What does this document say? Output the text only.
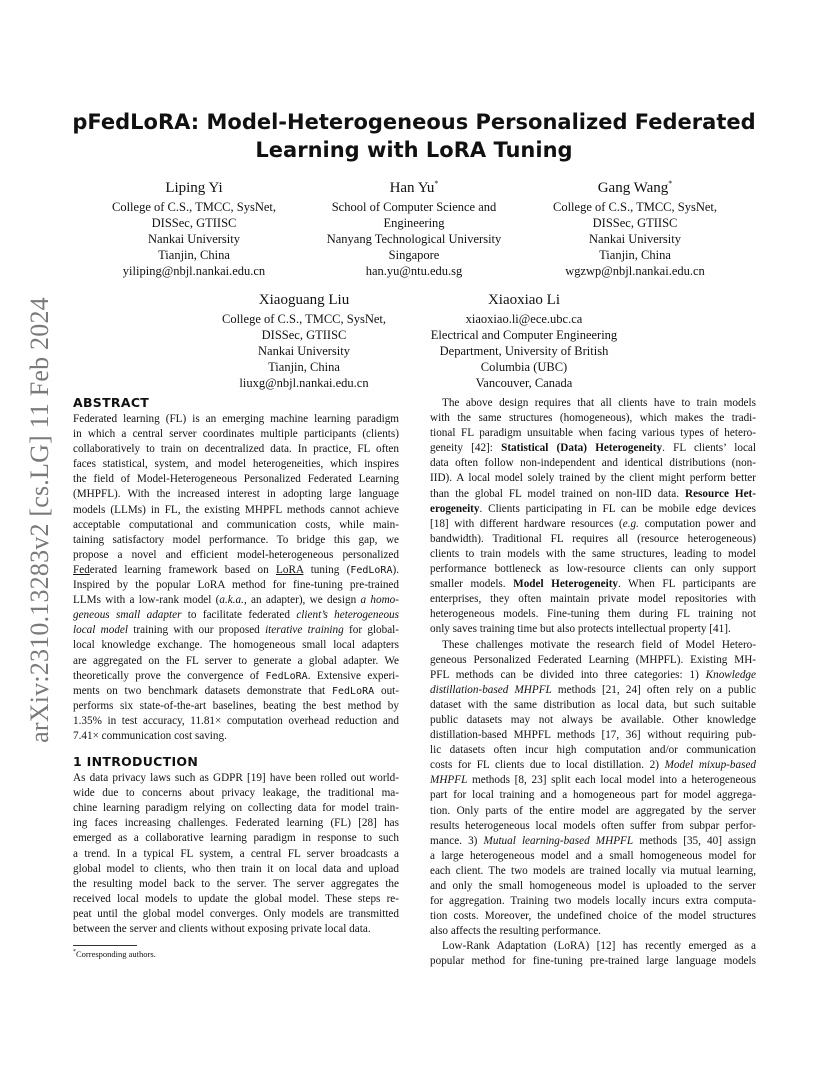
arXiv:2310.13283v2 [cs.LG] 11 Feb 2024
pFedLoRA: Model-Heterogeneous Personalized Federated
Learning with LoRA Tuning
Liping Yi
College of C.S., TMCC, SysNet,
DISSec, GTIISC
Nankai University
Tianjin, China
yiliping@nbjl.nankai.edu.cn
Han Yu*
School of Computer Science and
Engineering
Nanyang Technological University
Singapore
han.yu@ntu.edu.sg
Gang Wang*
College of C.S., TMCC, SysNet,
DISSec, GTIISC
Nankai University
Tianjin, China
wgzwp@nbjl.nankai.edu.cn
Xiaoguang Liu
College of C.S., TMCC, SysNet,
DISSec, GTIISC
Nankai University
Tianjin, China
liuxg@nbjl.nankai.edu.cn
Xiaoxiao Li
xiaoxiao.li@ece.ubc.ca
Electrical and Computer Engineering
Department, University of British
Columbia (UBC)
Vancouver, Canada
ABSTRACT
Federated learning (FL) is an emerging machine learning paradigm
in which a central server coordinates multiple participants (clients)
collaboratively to train on decentralized data. In practice, FL often
faces statistical, system, and model heterogeneities, which inspires
the field of Model-Heterogeneous Personalized Federated Learning
(MHPFL). With the increased interest in adopting large language
models (LLMs) in FL, the existing MHPFL methods cannot achieve
acceptable computational and communication costs, while main-
taining satisfactory model performance. To bridge this gap, we
propose a novel and efficient model-heterogeneous personalized
Federated learning framework based on LoRA tuning (FedLoRA).
Inspired by the popular LoRA method for fine-tuning pre-trained
LLMs with a low-rank model (a.k.a., an adapter), we design a homo-
geneous small adapter to facilitate federated client’s heterogeneous
local model training with our proposed iterative training for global-
local knowledge exchange. The homogeneous small local adapters
are aggregated on the FL server to generate a global adapter. We
theoretically prove the convergence of FedLoRA. Extensive experi-
ments on two benchmark datasets demonstrate that FedLoRA out-
performs six state-of-the-art baselines, beating the best method by
1.35% in test accuracy, 11.81× computation overhead reduction and
7.41× communication cost saving.
1 INTRODUCTION
As data privacy laws such as GDPR [19] have been rolled out world-
wide due to concerns about privacy leakage, the traditional ma-
chine learning paradigm relying on collecting data for model train-
ing faces increasing challenges. Federated learning (FL) [28] has
emerged as a collaborative learning paradigm in response to such
a trend. In a typical FL system, a central FL server broadcasts a
global model to clients, who then train it on local data and upload
the resulting model back to the server. The server aggregates the
received local models to update the global model. These steps re-
peat until the global model converges. Only models are transmitted
between the server and clients without exposing private local data.
*Corresponding authors.
The above design requires that all clients have to train models
with the same structures (homogeneous), which makes the tradi-
tional FL paradigm unsuitable when facing various types of hetero-
geneity [42]: Statistical (Data) Heterogeneity. FL clients’ local
data often follow non-independent and identical distributions (non-
IID). A local model solely trained by the client might perform better
than the global FL model trained on non-IID data. Resource Het-
erogeneity. Clients participating in FL can be mobile edge devices
[18] with different hardware resources (e.g. computation power and
bandwidth). Traditional FL requires all (resource heterogeneous)
clients to train models with the same structures, leading to model
performance bottleneck as low-resource clients can only support
smaller models. Model Heterogeneity. When FL participants are
enterprises, they often maintain private model repositories with
heterogeneous models. Fine-tuning them during FL training not
only saves training time but also protects intellectual property [41].
These challenges motivate the research field of Model Hetero-
geneous Personalized Federated Learning (MHPFL). Existing MH-
PFL methods can be divided into three categories: 1) Knowledge
distillation-based MHPFL methods [21, 24] often rely on a public
dataset with the same distribution as local data, but such suitable
public datasets may not always be available. Other knowledge
distillation-based MHPFL methods [17, 36] without requiring pub-
lic datasets often incur high computation and/or communication
costs for FL clients due to local distillation. 2) Model mixup-based
MHPFL methods [8, 23] split each local model into a heterogeneous
part for local training and a homogeneous part for model aggrega-
tion. Only parts of the entire model are aggregated by the server
results heterogeneous local models often suffer from subpar perfor-
mance. 3) Mutual learning-based MHPFL methods [35, 40] assign
a large heterogeneous model and a small homogeneous model for
each client. The two models are trained locally via mutual learning,
and only the small homogeneous model is uploaded to the server
for aggregation. Training two models locally incurs extra computa-
tion costs. Moreover, the undefined choice of the model structures
also affects the resulting performance.
Low-Rank Adaptation (LoRA) [12] has recently emerged as a
popular method for fine-tuning pre-trained large language models
